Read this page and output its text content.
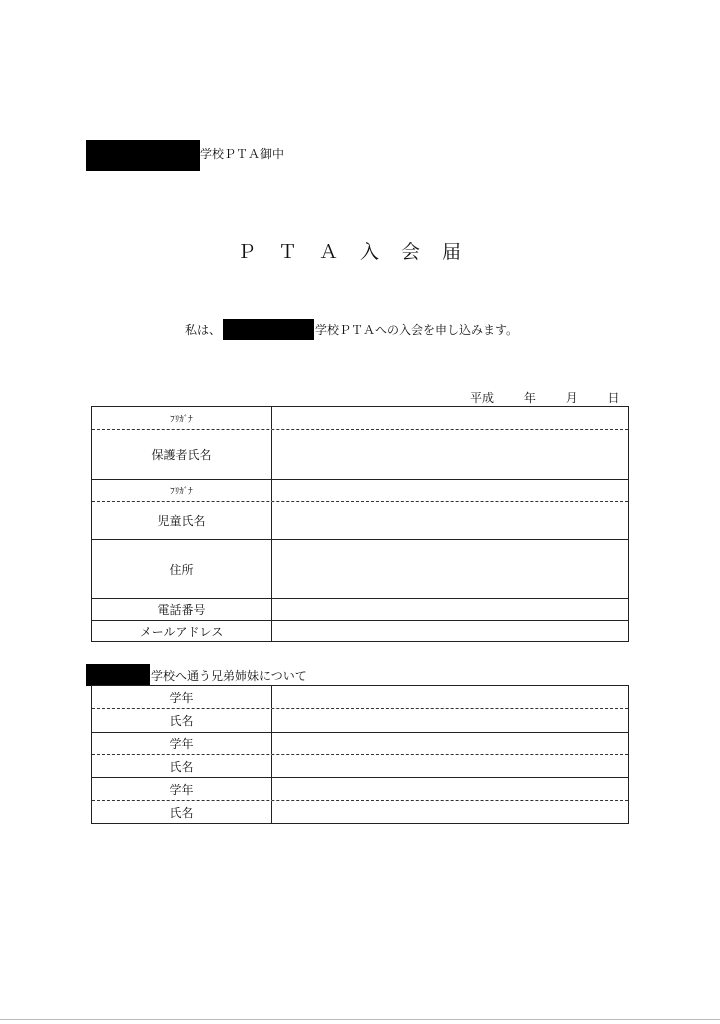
学校ＰＴＡ御中
ＰＴＡ入会届
私は、	学校ＰＴＡへの入会を申し込みます。
平成 年 月 日
ﾌﾘｶﾞﾅ
保護者氏名
ﾌﾘｶﾞﾅ
児童氏名
住所
電話番号
メールアドレス
学校へ通う兄弟姉妹について
学年
氏名
学年
氏名
学年
氏名
